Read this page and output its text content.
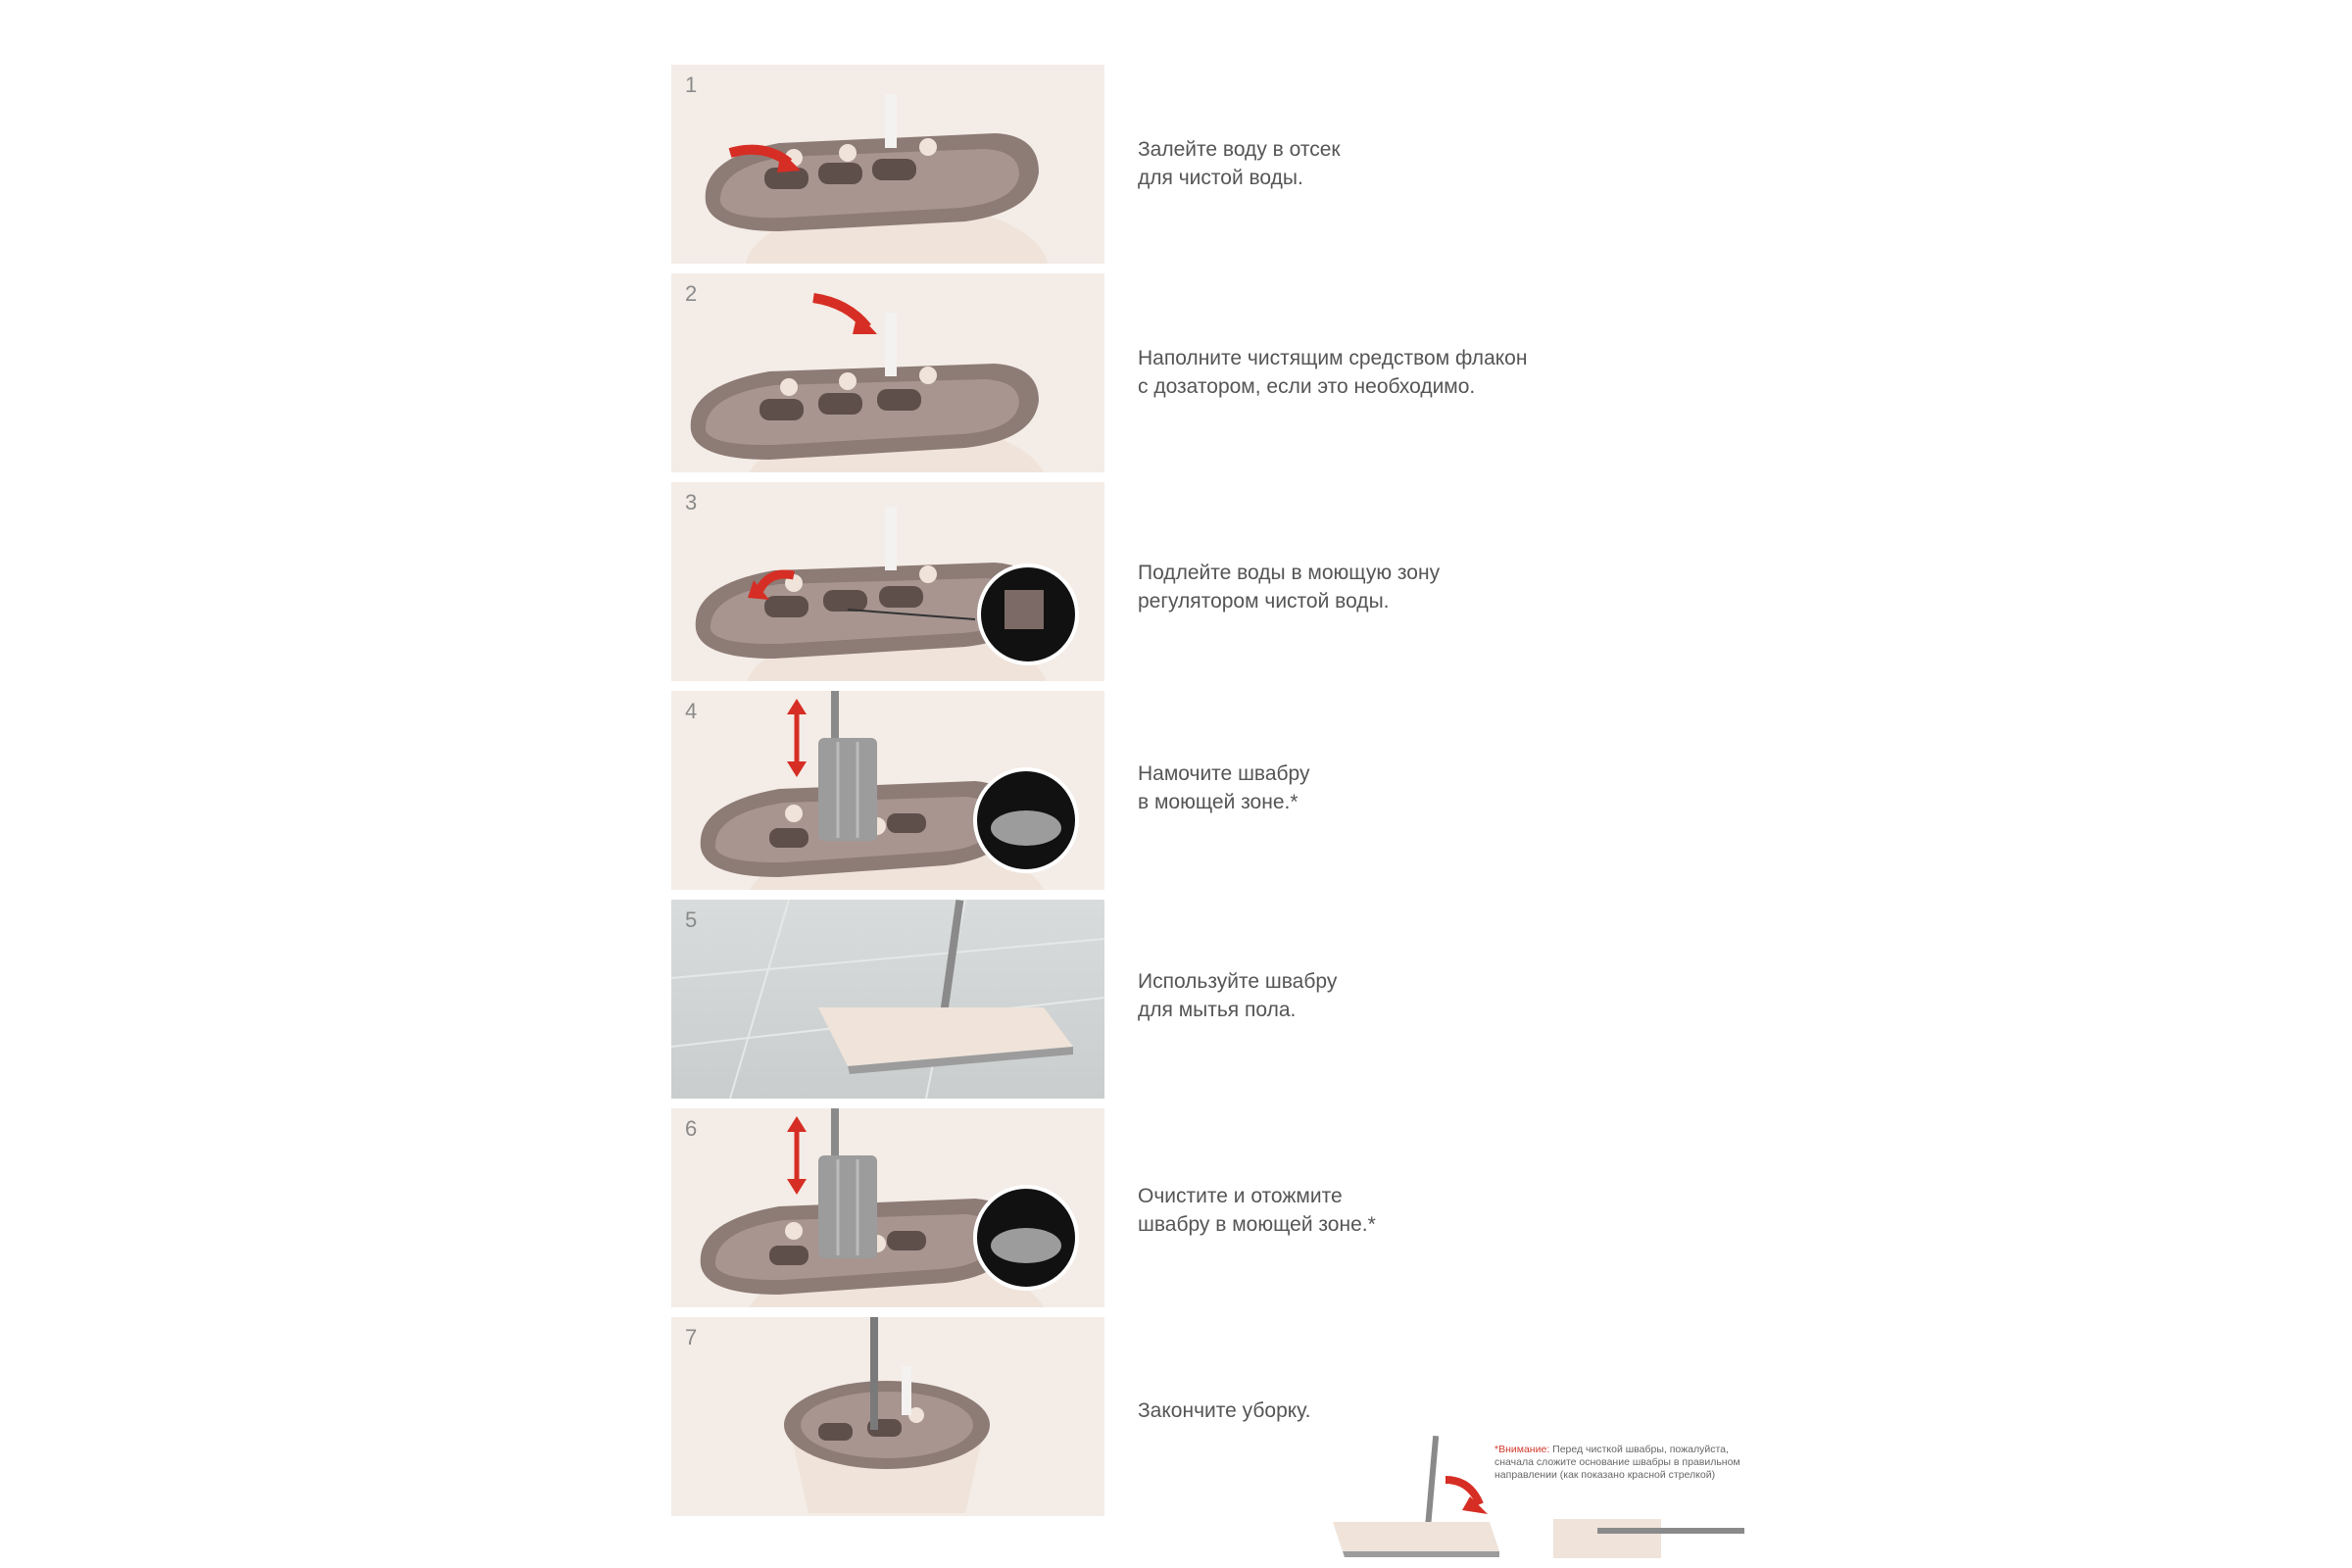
1
Залейте воду в отсек
для чистой воды.
2
Наполните чистящим средством флакон
с дозатором, если это необходимо.
3
Подлейте воды в моющую зону
регулятором чистой воды.
4
Намочите швабру
в моющей зоне.*
5
Используйте швабру
для мытья пола.
6
Очистите и отожмите
швабру в моющей зоне.*
7
Закончите уборку.
*Внимание: Перед чисткой швабры, пожалуйста, сначала сложите основание швабры в правильном направлении (как показано красной стрелкой)
